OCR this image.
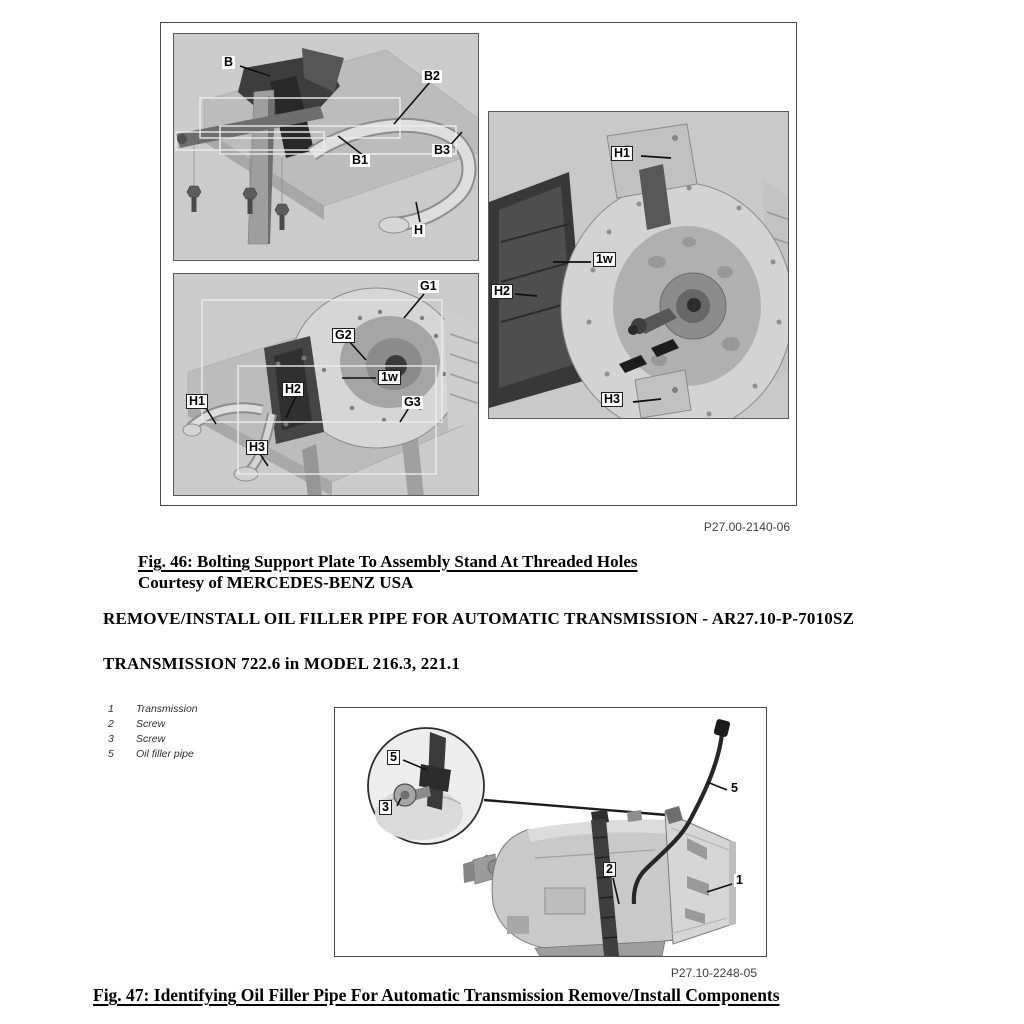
B
B2
B1
B3
H
G1
G2
1w
G3
H1
H2
H3
H1
1w
H2
H3
P27.00-2140-06
Fig. 46: Bolting Support Plate To Assembly Stand At Threaded Holes
Courtesy of MERCEDES-BENZ USA
REMOVE/INSTALL OIL FILLER PIPE FOR AUTOMATIC TRANSMISSION - AR27.10-P-7010SZ
TRANSMISSION 722.6 in MODEL 216.3, 221.1
1	Transmission
2	Screw
3	Screw
5	Oil filler pipe	5
3
5
2
1
P27.10-2248-05
Fig. 47: Identifying Oil Filler Pipe For Automatic Transmission Remove/Install Components
